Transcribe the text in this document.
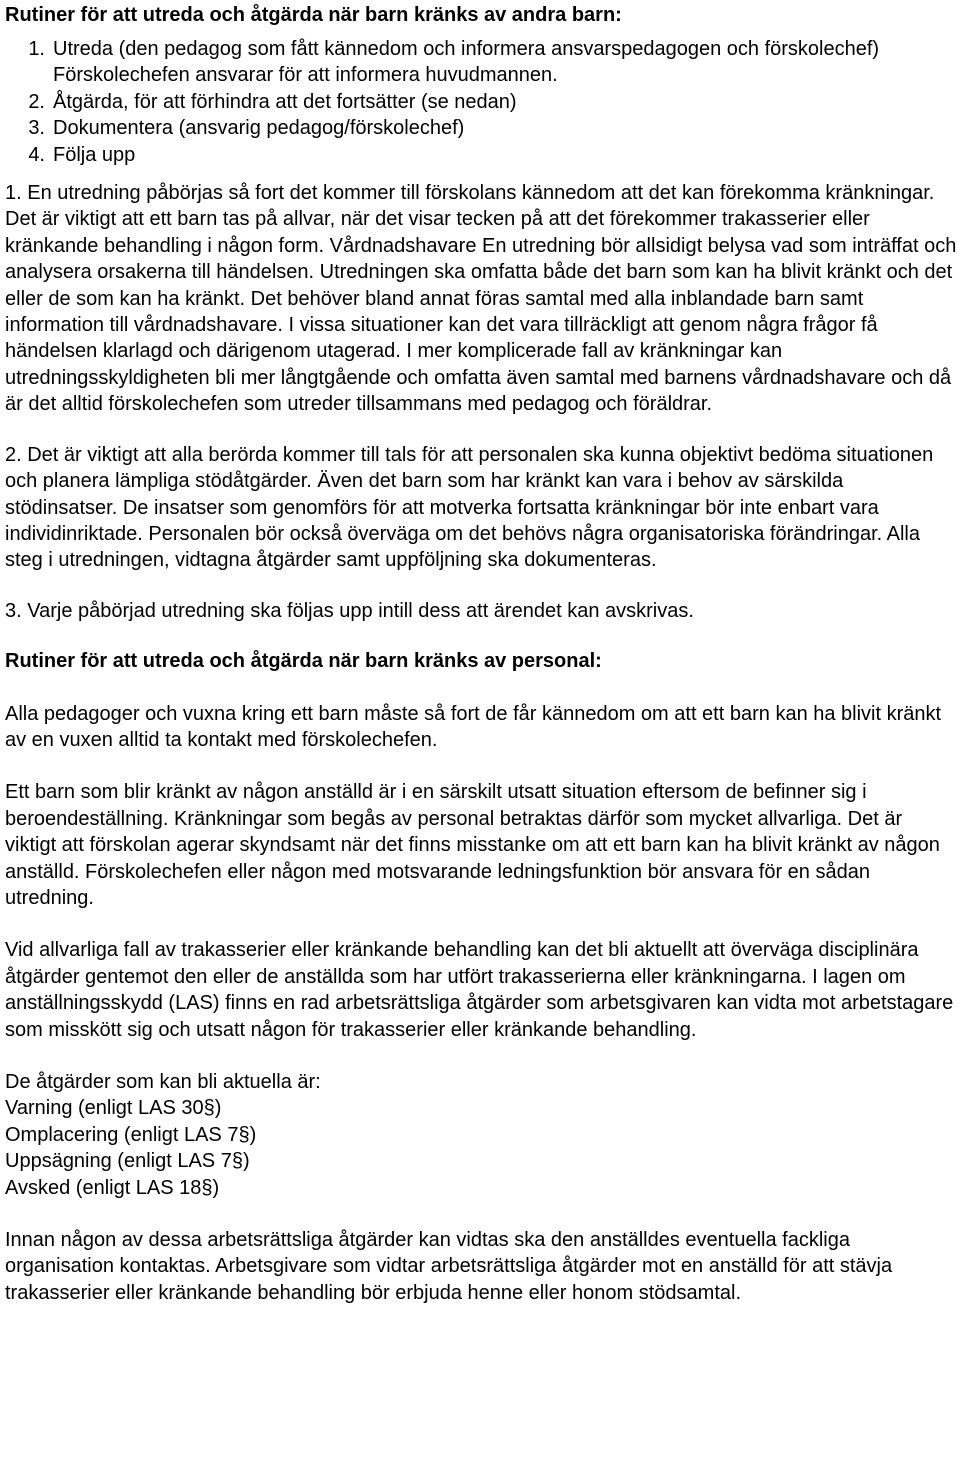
Rutiner för att utreda och åtgärda när barn kränks av andra barn:
1. Utreda (den pedagog som fått kännedom och informera ansvarspedagogen och förskolechef) Förskolechefen ansvarar för att informera huvudmannen.
2. Åtgärda, för att förhindra att det fortsätter (se nedan)
3. Dokumentera (ansvarig pedagog/förskolechef)
4. Följa upp

1. En utredning påbörjas så fort det kommer till förskolans kännedom att det kan förekomma kränkningar. Det är viktigt att ett barn tas på allvar, när det visar tecken på att det förekommer trakasserier eller kränkande behandling i någon form. Vårdnadshavare En utredning bör allsidigt belysa vad som inträffat och analysera orsakerna till händelsen. Utredningen ska omfatta både det barn som kan ha blivit kränkt och det eller de som kan ha kränkt. Det behöver bland annat föras samtal med alla inblandade barn samt information till vårdnadshavare. I vissa situationer kan det vara tillräckligt att genom några frågor få händelsen klarlagd och därigenom utagerad. I mer komplicerade fall av kränkningar kan utredningsskyldigheten bli mer långtgående och omfatta även samtal med barnens vårdnadshavare och då är det alltid förskolechefen som utreder tillsammans med pedagog och föräldrar.

2. Det är viktigt att alla berörda kommer till tals för att personalen ska kunna objektivt bedöma situationen och planera lämpliga stödåtgärder. Även det barn som har kränkt kan vara i behov av särskilda stödinsatser. De insatser som genomförs för att motverka fortsatta kränkningar bör inte enbart vara individinriktade. Personalen bör också överväga om det behövs några organisatoriska förändringar. Alla steg i utredningen, vidtagna åtgärder samt uppföljning ska dokumenteras.

3. Varje påbörjad utredning ska följas upp intill dess att ärendet kan avskrivas.

Rutiner för att utreda och åtgärda när barn kränks av personal:

Alla pedagoger och vuxna kring ett barn måste så fort de får kännedom om att ett barn kan ha blivit kränkt av en vuxen alltid ta kontakt med förskolechefen.

Ett barn som blir kränkt av någon anställd är i en särskilt utsatt situation eftersom de befinner sig i beroendeställning. Kränkningar som begås av personal betraktas därför som mycket allvarliga. Det är viktigt att förskolan agerar skyndsamt när det finns misstanke om att ett barn kan ha blivit kränkt av någon anställd. Förskolechefen eller någon med motsvarande ledningsfunktion bör ansvara för en sådan utredning.

Vid allvarliga fall av trakasserier eller kränkande behandling kan det bli aktuellt att överväga disciplinära åtgärder gentemot den eller de anställda som har utfört trakasserierna eller kränkningarna. I lagen om anställningsskydd (LAS) finns en rad arbetsrättsliga åtgärder som arbetsgivaren kan vidta mot arbetstagare som misskött sig och utsatt någon för trakasserier eller kränkande behandling.

De åtgärder som kan bli aktuella är:

Varning (enligt LAS 30§)

Omplacering (enligt LAS 7§)

Uppsägning (enligt LAS 7§)

Avsked (enligt LAS 18§)

Innan någon av dessa arbetsrättsliga åtgärder kan vidtas ska den anställdes eventuella fackliga organisation kontaktas. Arbetsgivare som vidtar arbetsrättsliga åtgärder mot en anställd för att stävja trakasserier eller kränkande behandling bör erbjuda henne eller honom stödsamtal.
